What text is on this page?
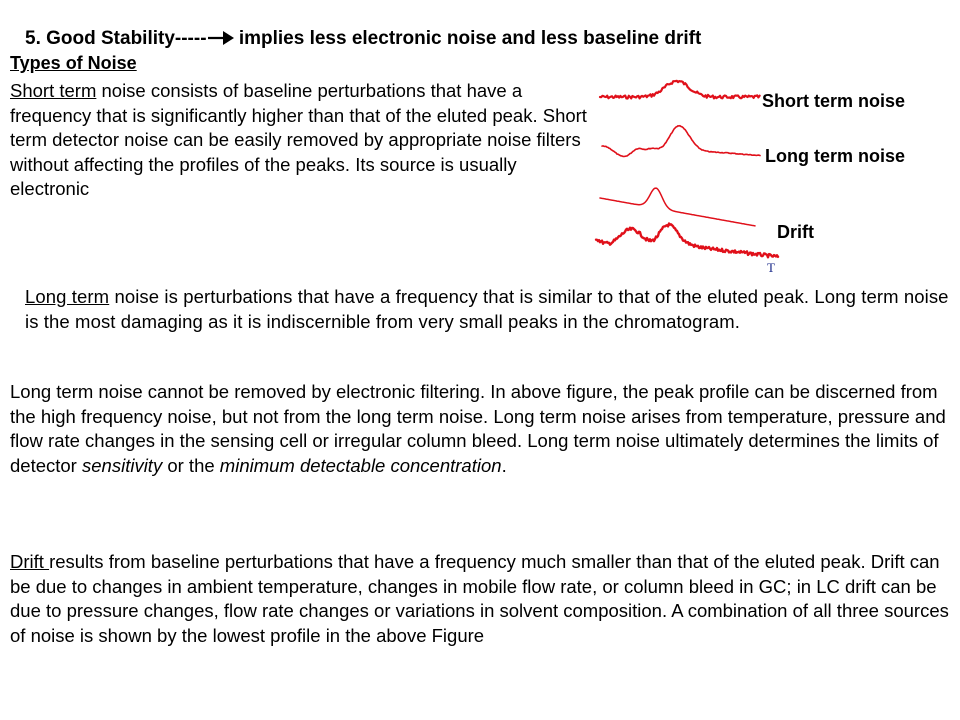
5. Good Stability----- implies less electronic noise and less baseline drift
Types of Noise

Short term noise consists of baseline perturbations that have a frequency that is significantly higher than that of the eluted peak. Short term detector noise can be easily removed by appropriate noise filters without affecting the profiles of the peaks. Its source is usually electronic

Short term noise
Long term noise
Drift
T

Long term noise is perturbations that have a frequency that is similar to that of the eluted peak. Long term noise is the most damaging as it is indiscernible from very small peaks in the chromatogram.

Long term noise cannot be removed by electronic filtering. In above figure, the peak profile can be discerned from the high frequency noise, but not from the long term noise. Long term noise arises from temperature, pressure and flow rate changes in the sensing cell or irregular column bleed. Long term noise ultimately determines the limits of detector sensitivity or the minimum detectable concentration.

Drift results from baseline perturbations that have a frequency much smaller than that of the eluted peak. Drift can be due to changes in ambient temperature, changes in mobile flow rate, or column bleed in GC; in LC drift can be due to pressure changes, flow rate changes or variations in solvent composition. A combination of all three sources of noise is shown by the lowest profile in the above Figure
